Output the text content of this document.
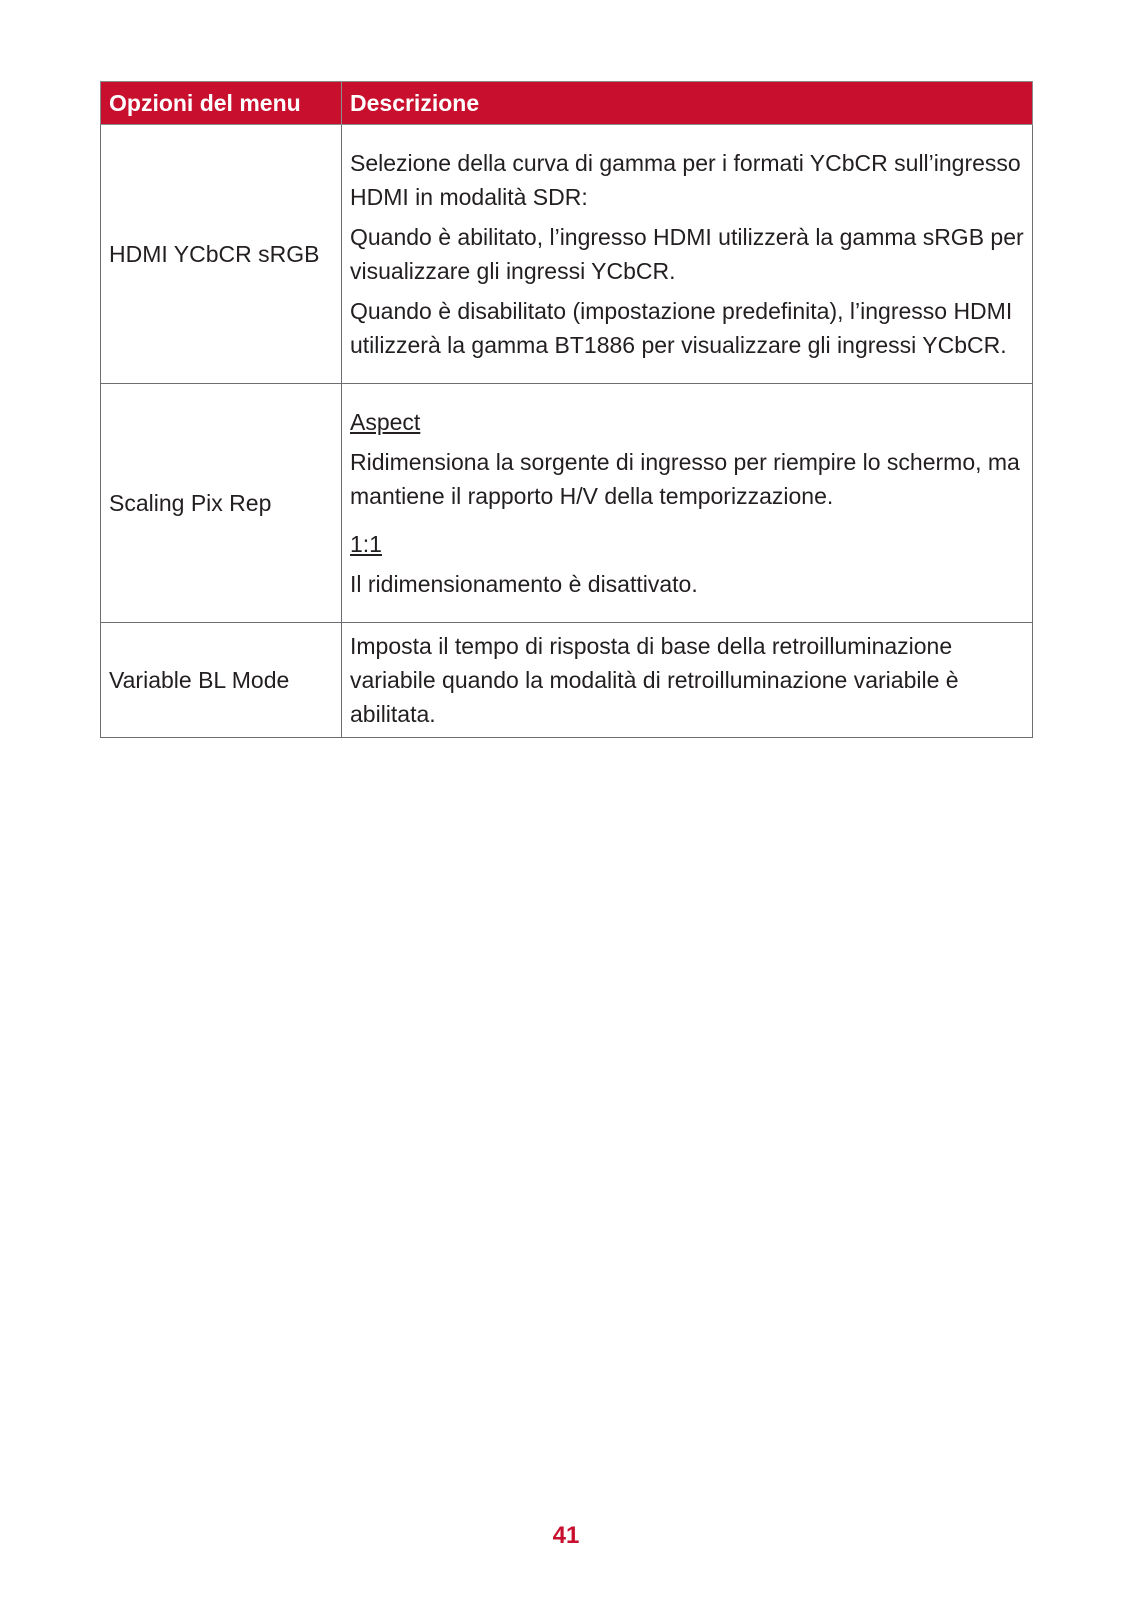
Opzioni del menu	Descrizione
HDMI YCbCR sRGB	Selezione della curva di gamma per i formati YCbCR sull’ingresso HDMI in modalità SDR:

Quando è abilitato, l’ingresso HDMI utilizzerà la gamma sRGB per visualizzare gli ingressi YCbCR.

Quando è disabilitato (impostazione predefinita), l’ingresso HDMI utilizzerà la gamma BT1886 per visualizzare gli ingressi YCbCR.

Scaling Pix Rep	Aspect

Ridimensiona la sorgente di ingresso per riempire lo schermo, ma mantiene il rapporto H/V della temporizzazione.

1:1

Il ridimensionamento è disattivato.

Variable BL Mode	Imposta il tempo di risposta di base della retroilluminazione variabile quando la modalità di retroilluminazione variabile è abilitata.

41
